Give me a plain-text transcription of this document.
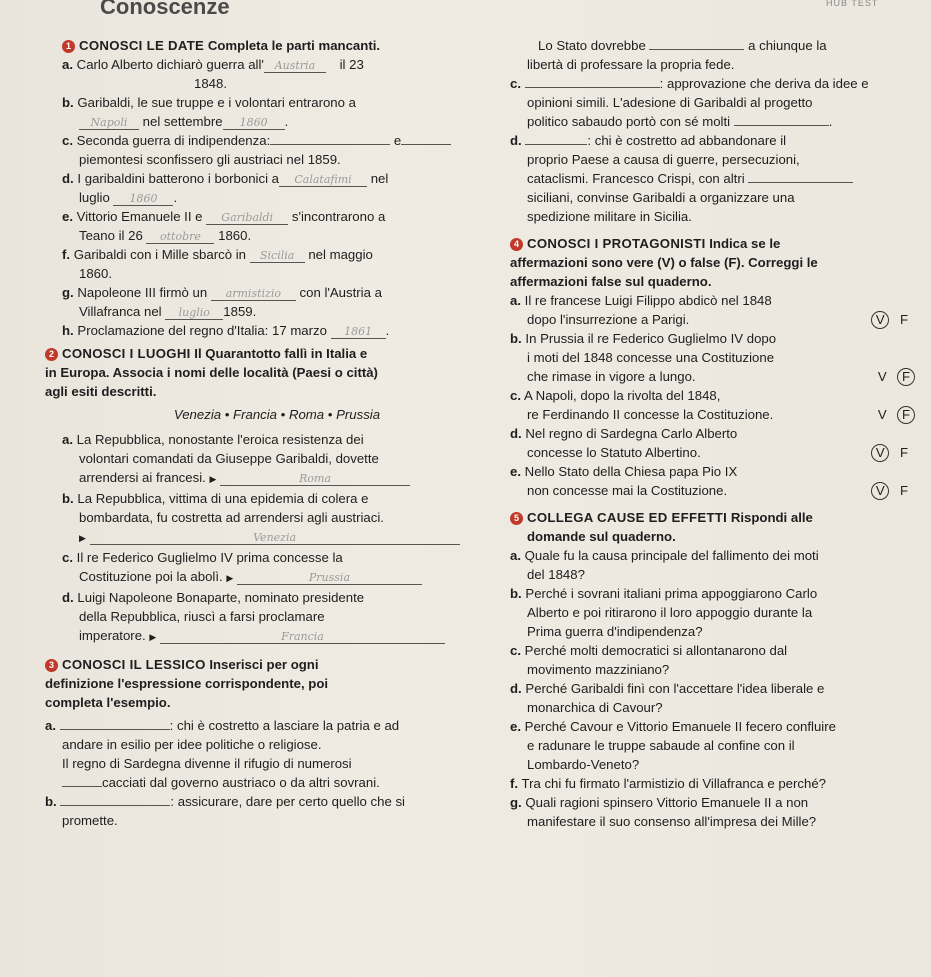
Conoscenze	HUB TEST
1 CONOSCI LE DATE Completa le parti mancanti.
a. Carlo Alberto dichiarò guerra all' Austria il 23
1848.
b. Garibaldi, le sue truppe e i volontari entrarono a
Napoli nel settembre 1860 .
c. Seconda guerra di indipendenza:	e
piemontesi sconfissero gli austriaci nel 1859.
d. I garibaldini batterono i borbonici a Calatafimi nel
luglio 1860 .
e. Vittorio Emanuele II e Garibaldi s'incontrarono a
Teano il 26 ottobre 1860.
f. Garibaldi con i Mille sbarcò in Sicilia nel maggio
1860.
g. Napoleone III firmò un armistizio con l'Austria a
Villafranca nel luglio 1859.
h. Proclamazione del regno d'Italia: 17 marzo 1861 .
2 CONOSCI I LUOGHI Il Quarantotto fallì in Italia e
in Europa. Associa i nomi delle località (Paesi o città)
agli esiti descritti.
Venezia • Francia • Roma • Prussia
a. La Repubblica, nonostante l'eroica resistenza dei
volontari comandati da Giuseppe Garibaldi, dovette
arrendersi ai francesi. ▶	Roma
b. La Repubblica, vittima di una epidemia di colera e
bombardata, fu costretta ad arrendersi agli austriaci.
▶	Venezia
c. Il re Federico Guglielmo IV prima concesse la
Costituzione poi la abolì. ▶	Prussia
d. Luigi Napoleone Bonaparte, nominato presidente
della Repubblica, riuscì a farsi proclamare
imperatore. ▶	Francia
3 CONOSCI IL LESSICO Inserisci per ogni
definizione l'espressione corrispondente, poi
completa l'esempio.
a.	: chi è costretto a lasciare la patria e ad
andare in esilio per idee politiche o religiose.
Il regno di Sardegna divenne il rifugio di numerosi
cacciati dal governo austriaco o da altri sovrani.
b.	: assicurare, dare per certo quello che si
promette.
Lo Stato dovrebbe	a chiunque la
libertà di professare la propria fede.
c.	: approvazione che deriva da idee e
opinioni simili. L'adesione di Garibaldi al progetto
politico sabaudo portò con sé molti	.
d.	: chi è costretto ad abbandonare il
proprio Paese a causa di guerre, persecuzioni,
cataclismi. Francesco Crispi, con altri
siciliani, convinse Garibaldi a organizzare una
spedizione militare in Sicilia.
4 CONOSCI I PROTAGONISTI Indica se le
affermazioni sono vere (V) o false (F). Correggi le
affermazioni false sul quaderno.
a. Il re francese Luigi Filippo abdicò nel 1848
dopo l'insurrezione a Parigi.	V F
b. In Prussia il re Federico Guglielmo IV dopo
i moti del 1848 concesse una Costituzione
che rimase in vigore a lungo.	V F
c. A Napoli, dopo la rivolta del 1848,
re Ferdinando II concesse la Costituzione.	V F
d. Nel regno di Sardegna Carlo Alberto
concesse lo Statuto Albertino.	V F
e. Nello Stato della Chiesa papa Pio IX
non concesse mai la Costituzione.	V F
5 COLLEGA CAUSE ED EFFETTI Rispondi alle
domande sul quaderno.
a. Quale fu la causa principale del fallimento dei moti
del 1848?
b. Perché i sovrani italiani prima appoggiarono Carlo
Alberto e poi ritirarono il loro appoggio durante la
Prima guerra d'indipendenza?
c. Perché molti democratici si allontanarono dal
movimento mazziniano?
d. Perché Garibaldi finì con l'accettare l'idea liberale e
monarchica di Cavour?
e. Perché Cavour e Vittorio Emanuele II fecero confluire
e radunare le truppe sabaude al confine con il
Lombardo-Veneto?
f. Tra chi fu firmato l'armistizio di Villafranca e perché?
g. Quali ragioni spinsero Vittorio Emanuele II a non
manifestare il suo consenso all'impresa dei Mille?
